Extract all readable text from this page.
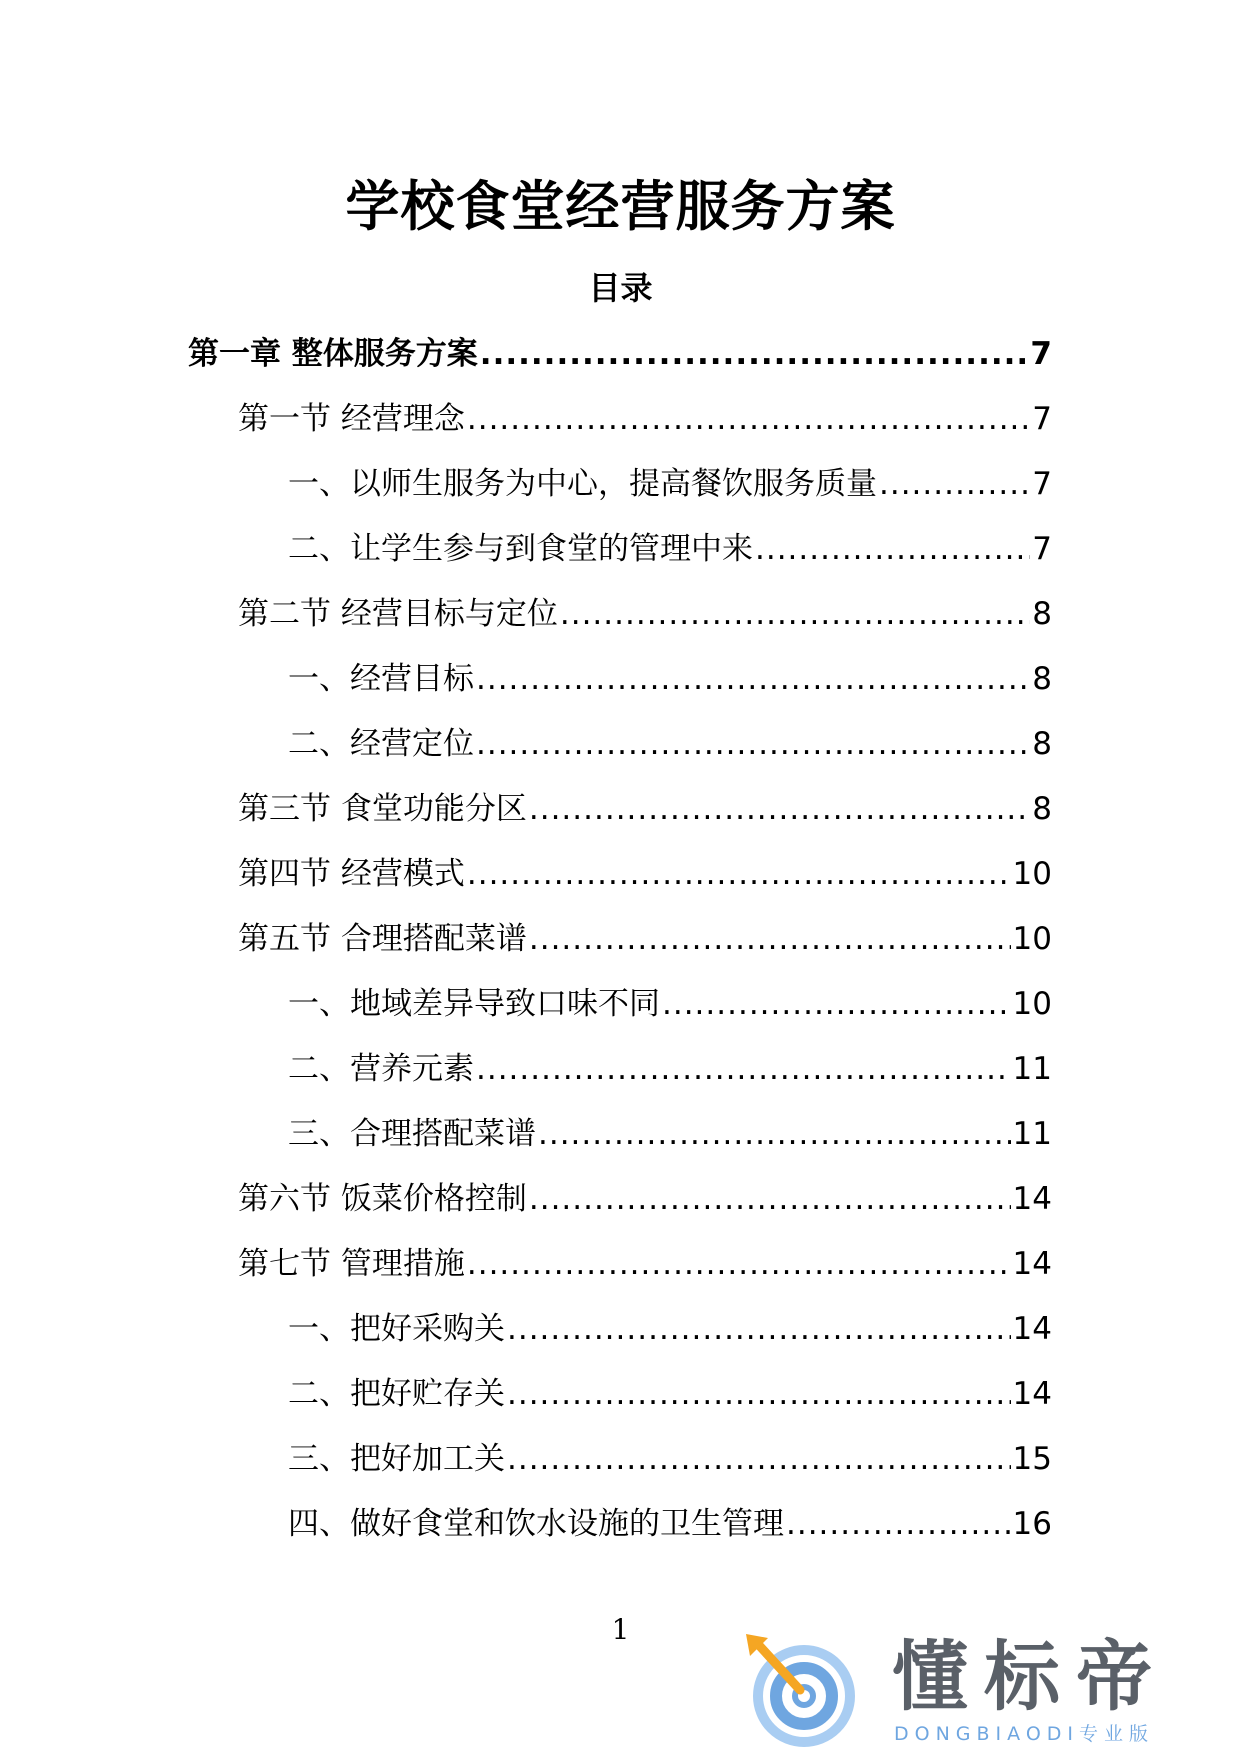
学校食堂经营服务方案
目录
第一章 整体服务方案 .....	7
第一节 经营理念 .....	7
一、以师生服务为中心，提高餐饮服务质量 .....	7
二、让学生参与到食堂的管理中来 .....	7
第二节 经营目标与定位 .....	8
一、经营目标 .....	8
二、经营定位 .....	8
第三节 食堂功能分区 .....	8
第四节 经营模式 .....	10
第五节 合理搭配菜谱 .....	10
一、地域差异导致口味不同 .....	10
二、营养元素 .....	11
三、合理搭配菜谱 .....	11
第六节 饭菜价格控制 .....	14
第七节 管理措施 .....	14
一、把好采购关 .....	14
二、把好贮存关 .....	14
三、把好加工关 .....	15
四、做好食堂和饮水设施的卫生管理 .....	16
1
懂标帝
DONGBIAODI专业版
